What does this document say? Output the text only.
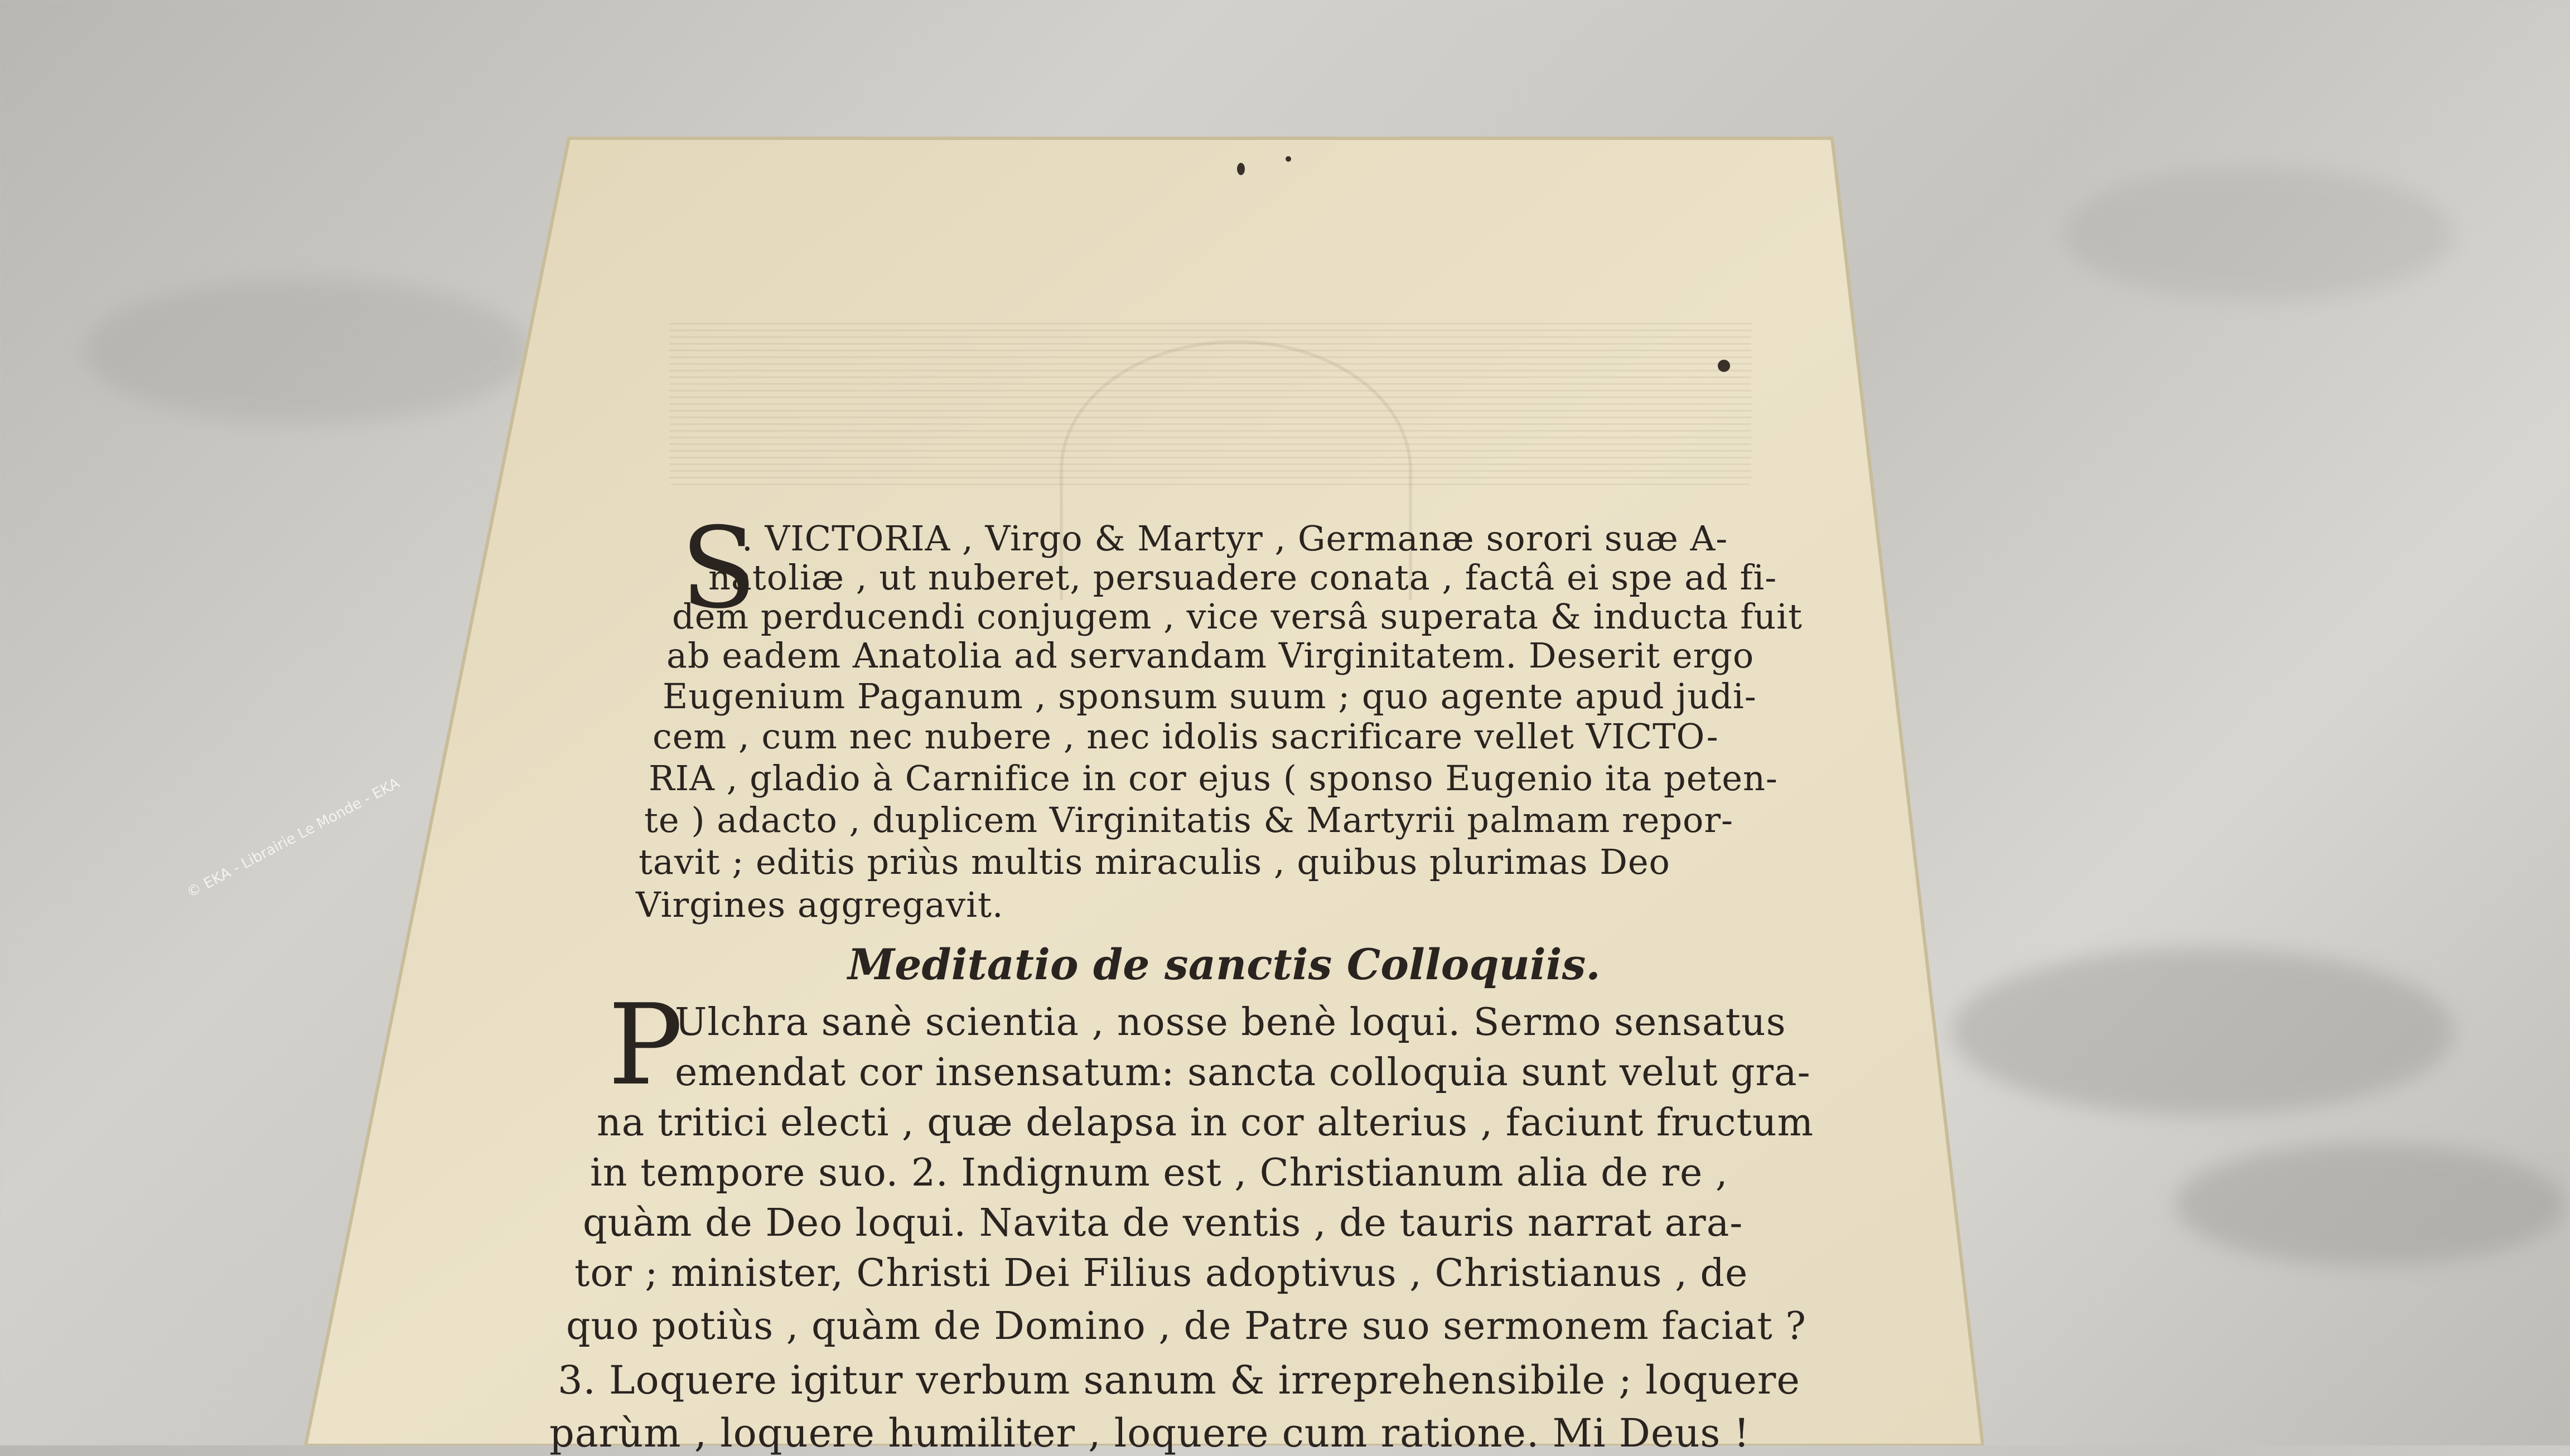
© EKA - Librairie Le Monde - EKA
S
. VICTORIA , Virgo & Martyr , Germanæ sorori suæ A-
natoliæ , ut nuberet, persuadere conata , factâ ei spe ad fi-
dem perducendi conjugem , vice versâ superata & inducta fuit
ab eadem Anatolia ad servandam Virginitatem. Deserit ergo
Eugenium Paganum , sponsum suum ; quo agente apud judi-
cem , cum nec nubere , nec idolis sacrificare vellet VICTO-
RIA , gladio à Carnifice in cor ejus ( sponso Eugenio ita peten-
te ) adacto , duplicem Virginitatis & Martyrii palmam repor-
tavit ; editis priùs multis miraculis , quibus plurimas Deo
Virgines aggregavit.
Meditatio de sanctis Colloquiis.
P
Ulchra sanè scientia , nosse benè loqui. Sermo sensatus
emendat cor insensatum: sancta colloquia sunt velut gra-
na tritici electi , quæ delapsa in cor alterius , faciunt fructum
in tempore suo. 2. Indignum est , Christianum alia de re ,
quàm de Deo loqui. Navita de ventis , de tauris narrat ara-
tor ; minister, Christi Dei Filius adoptivus , Christianus , de
quo potiùs , quàm de Domino , de Patre suo sermonem faciat ?
3. Loquere igitur verbum sanum & irreprehensibile ; loquere
parùm , loquere humiliter , loquere cum ratione. Mi Deus !
